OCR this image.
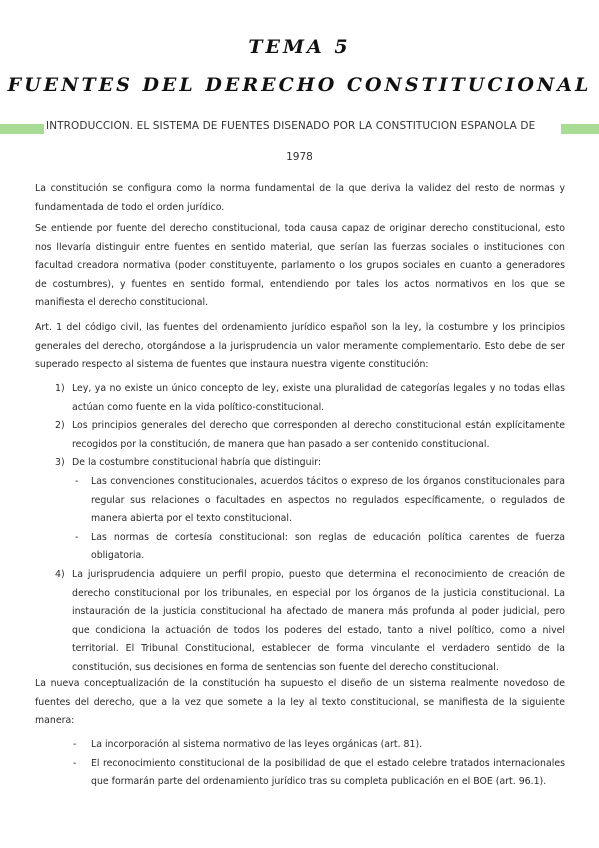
TEMA 5
FUENTES DEL DERECHO CONSTITUCIONAL
INTRODUCCIÓN. EL SISTEMA DE FUENTES DISEÑADO POR LA CONSTITUCIÓN ESPAÑOLA DE
1978
La constitución se configura como la norma fundamental de la que deriva la validez del resto de normas y fundamentada de todo el orden jurídico.
Se entiende por fuente del derecho constitucional, toda causa capaz de originar derecho constitucional, esto nos llevaría distinguir entre fuentes en sentido material, que serían las fuerzas sociales o instituciones con facultad creadora normativa (poder constituyente, parlamento o los grupos sociales en cuanto a generadores de costumbres), y fuentes en sentido formal, entendiendo por tales los actos normativos en los que se manifiesta el derecho constitucional.
Art. 1 del código civil, las fuentes del ordenamiento jurídico español son la ley, la costumbre y los principios generales del derecho, otorgándose a la jurisprudencia un valor meramente complementario. Esto debe de ser superado respecto al sistema de fuentes que instaura nuestra vigente constitución:
1) Ley, ya no existe un único concepto de ley, existe una pluralidad de categorías legales y no todas ellas actúan como fuente en la vida político-constitucional.
2) Los principios generales del derecho que corresponden al derecho constitucional están explícitamente recogidos por la constitución, de manera que han pasado a ser contenido constitucional.
3) De la costumbre constitucional habría que distinguir:
- Las convenciones constitucionales, acuerdos tácitos o expreso de los órganos constitucionales para regular sus relaciones o facultades en aspectos no regulados específicamente, o regulados de manera abierta por el texto constitucional.
- Las normas de cortesía constitucional: son reglas de educación política carentes de fuerza obligatoria.
4) La jurisprudencia adquiere un perfil propio, puesto que determina el reconocimiento de creación de derecho constitucional por los tribunales, en especial por los órganos de la justicia constitucional. La instauración de la justicia constitucional ha afectado de manera más profunda al poder judicial, pero que condiciona la actuación de todos los poderes del estado, tanto a nivel político, como a nivel territorial. El Tribunal Constitucional, establecer de forma vinculante el verdadero sentido de la constitución, sus decisiones en forma de sentencias son fuente del derecho constitucional.
La nueva conceptualización de la constitución ha supuesto el diseño de un sistema realmente novedoso de fuentes del derecho, que a la vez que somete a la ley al texto constitucional, se manifiesta de la siguiente manera:
- La incorporación al sistema normativo de las leyes orgánicas (art. 81).
- El reconocimiento constitucional de la posibilidad de que el estado celebre tratados internacionales que formarán parte del ordenamiento jurídico tras su completa publicación en el BOE (art. 96.1).
